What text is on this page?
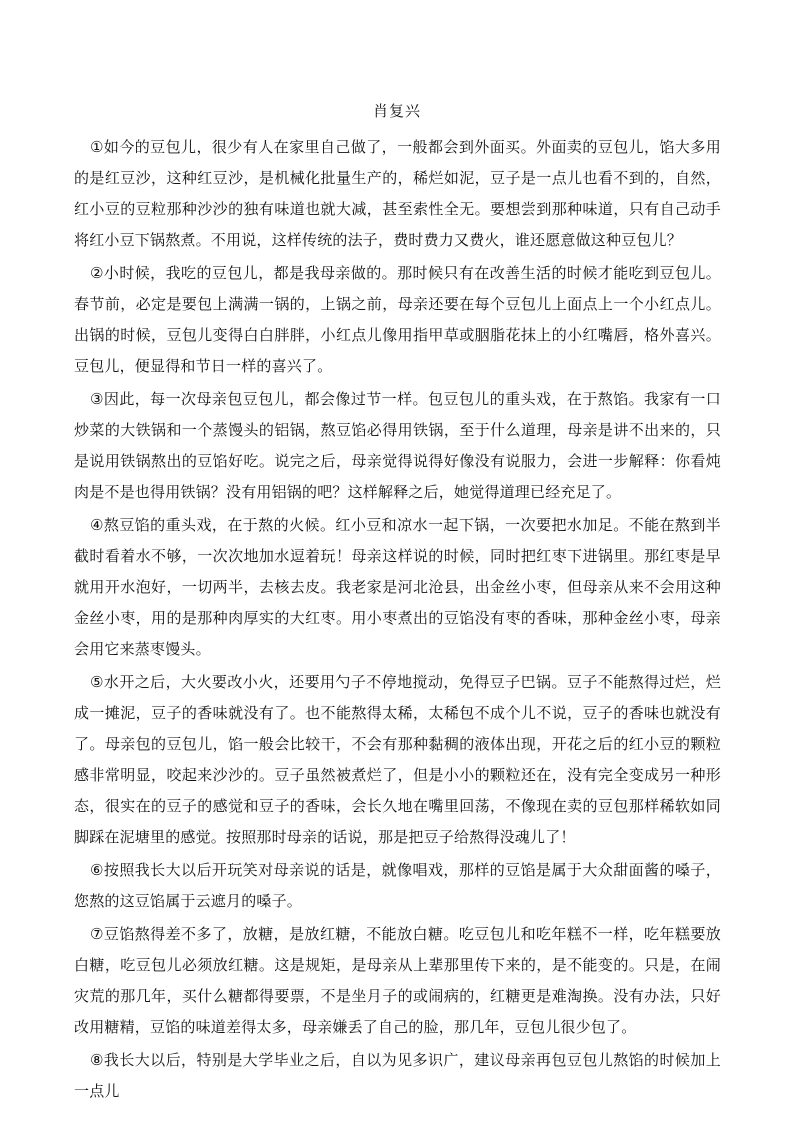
肖复兴

①如今的豆包儿，很少有人在家里自己做了，一般都会到外面买。外面卖的豆包儿，馅大多用的是红豆沙，这种红豆沙，是机械化批量生产的，稀烂如泥，豆子是一点儿也看不到的，自然，红小豆的豆粒那种沙沙的独有味道也就大减，甚至索性全无。要想尝到那种味道，只有自己动手将红小豆下锅熬煮。不用说，这样传统的法子，费时费力又费火，谁还愿意做这种豆包儿？

②小时候，我吃的豆包儿，都是我母亲做的。那时候只有在改善生活的时候才能吃到豆包儿。春节前，必定是要包上满满一锅的，上锅之前，母亲还要在每个豆包儿上面点上一个小红点儿。出锅的时候，豆包儿变得白白胖胖，小红点儿像用指甲草或胭脂花抹上的小红嘴唇，格外喜兴。豆包儿，便显得和节日一样的喜兴了。

③因此，每一次母亲包豆包儿，都会像过节一样。包豆包儿的重头戏，在于熬馅。我家有一口炒菜的大铁锅和一个蒸馒头的铝锅，熬豆馅必得用铁锅，至于什么道理，母亲是讲不出来的，只是说用铁锅熬出的豆馅好吃。说完之后，母亲觉得说得好像没有说服力，会进一步解释：你看炖肉是不是也得用铁锅？没有用铝锅的吧？这样解释之后，她觉得道理已经充足了。

④熬豆馅的重头戏，在于熬的火候。红小豆和凉水一起下锅，一次要把水加足。不能在熬到半截时看着水不够，一次次地加水逗着玩！母亲这样说的时候，同时把红枣下进锅里。那红枣是早就用开水泡好，一切两半，去核去皮。我老家是河北沧县，出金丝小枣，但母亲从来不会用这种金丝小枣，用的是那种肉厚实的大红枣。用小枣煮出的豆馅没有枣的香味，那种金丝小枣，母亲会用它来蒸枣馒头。

⑤水开之后，大火要改小火，还要用勺子不停地搅动，免得豆子巴锅。豆子不能熬得过烂，烂成一摊泥，豆子的香味就没有了。也不能熬得太稀，太稀包不成个儿不说，豆子的香味也就没有了。母亲包的豆包儿，馅一般会比较干，不会有那种黏稠的液体出现，开花之后的红小豆的颗粒感非常明显，咬起来沙沙的。豆子虽然被煮烂了，但是小小的颗粒还在，没有完全变成另一种形态，很实在的豆子的感觉和豆子的香味，会长久地在嘴里回荡，不像现在卖的豆包那样稀软如同脚踩在泥塘里的感觉。按照那时母亲的话说，那是把豆子给熬得没魂儿了！

⑥按照我长大以后开玩笑对母亲说的话是，就像唱戏，那样的豆馅是属于大众甜面酱的嗓子，您熬的这豆馅属于云遮月的嗓子。

⑦豆馅熬得差不多了，放糖，是放红糖，不能放白糖。吃豆包儿和吃年糕不一样，吃年糕要放白糖，吃豆包儿必须放红糖。这是规矩，是母亲从上辈那里传下来的，是不能变的。只是，在闹灾荒的那几年，买什么糖都得要票，不是坐月子的或闹病的，红糖更是难淘换。没有办法，只好改用糖精，豆馅的味道差得太多，母亲嫌丢了自己的脸，那几年，豆包儿很少包了。

⑧我长大以后，特别是大学毕业之后，自以为见多识广，建议母亲再包豆包儿熬馅的时候加上一点儿
